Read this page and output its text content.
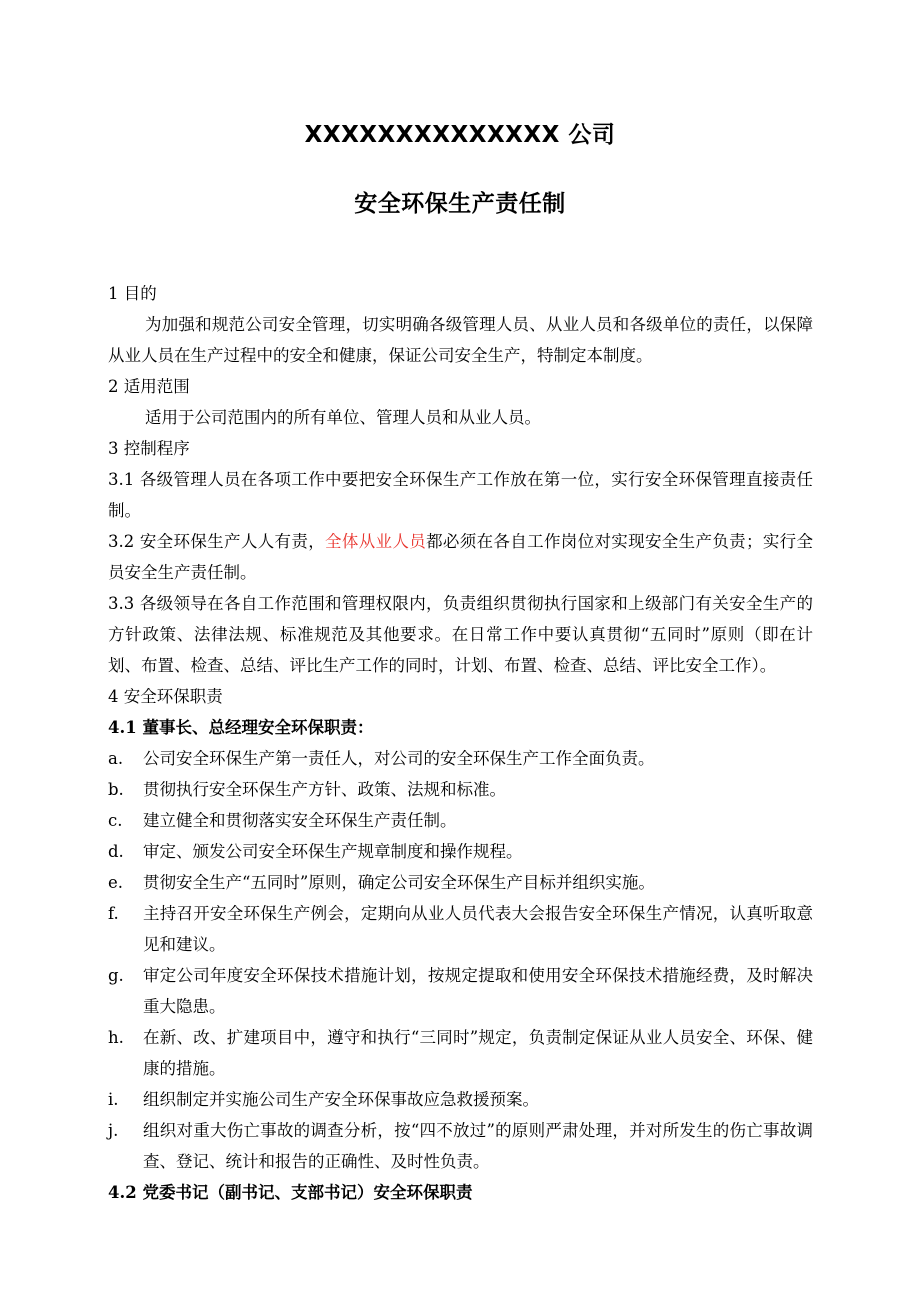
XXXXXXXXXXXXXX 公司
安全环保生产责任制

1 目的

为加强和规范公司安全管理，切实明确各级管理人员、从业人员和各级单位的责任，以保障从业人员在生产过程中的安全和健康，保证公司安全生产，特制定本制度。

2 适用范围

适用于公司范围内的所有单位、管理人员和从业人员。

3 控制程序

3.1 各级管理人员在各项工作中要把安全环保生产工作放在第一位，实行安全环保管理直接责任制。

3.2 安全环保生产人人有责，全体从业人员都必须在各自工作岗位对实现安全生产负责；实行全员安全生产责任制。

3.3 各级领导在各自工作范围和管理权限内，负责组织贯彻执行国家和上级部门有关安全生产的方针政策、法律法规、标准规范及其他要求。在日常工作中要认真贯彻“五同时”原则（即在计划、布置、检查、总结、评比生产工作的同时，计划、布置、检查、总结、评比安全工作）。

4 安全环保职责

4.1 董事长、总经理安全环保职责：

a.	公司安全环保生产第一责任人，对公司的安全环保生产工作全面负责。

b.	贯彻执行安全环保生产方针、政策、法规和标准。

c.	建立健全和贯彻落实安全环保生产责任制。

d.	审定、颁发公司安全环保生产规章制度和操作规程。

e.	贯彻安全生产“五同时”原则，确定公司安全环保生产目标并组织实施。

f.	主持召开安全环保生产例会，定期向从业人员代表大会报告安全环保生产情况，认真听取意见和建议。

g.	审定公司年度安全环保技术措施计划，按规定提取和使用安全环保技术措施经费，及时解决重大隐患。

h.	在新、改、扩建项目中，遵守和执行“三同时”规定，负责制定保证从业人员安全、环保、健康的措施。

i.	组织制定并实施公司生产安全环保事故应急救援预案。

j.	组织对重大伤亡事故的调查分析，按“四不放过”的原则严肃处理，并对所发生的伤亡事故调查、登记、统计和报告的正确性、及时性负责。

4.2 党委书记（副书记、支部书记）安全环保职责
